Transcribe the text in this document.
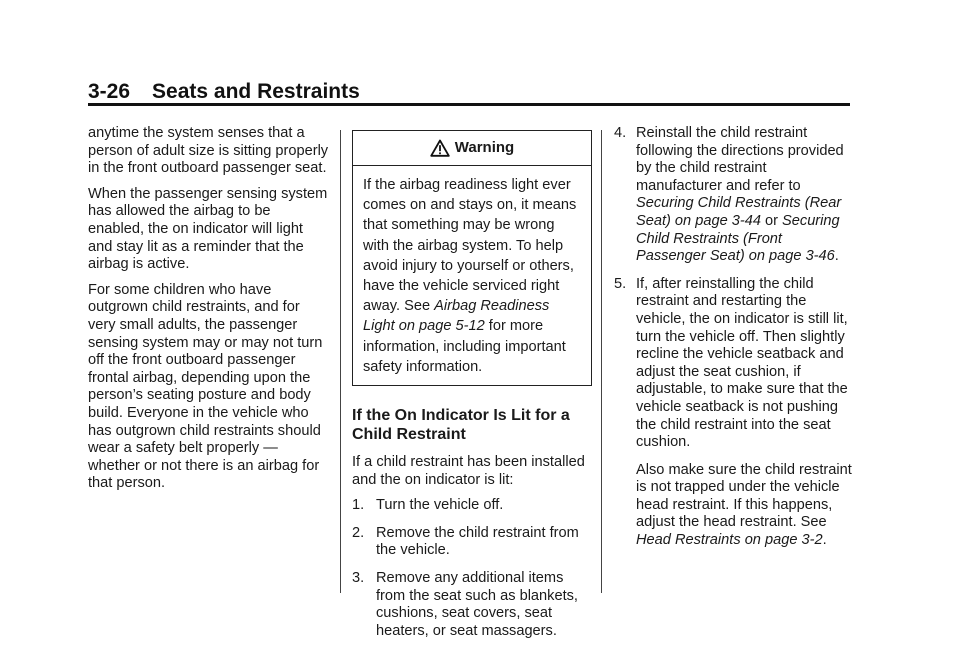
3-26 Seats and Restraints

anytime the system senses that a person of adult size is sitting properly in the front outboard passenger seat.

When the passenger sensing system has allowed the airbag to be enabled, the on indicator will light and stay lit as a reminder that the airbag is active.

For some children who have outgrown child restraints, and for very small adults, the passenger sensing system may or may not turn off the front outboard passenger frontal airbag, depending upon the person’s seating posture and body build. Everyone in the vehicle who has outgrown child restraints should wear a safety belt properly — whether or not there is an airbag for that person.

Warning
If the airbag readiness light ever comes on and stays on, it means that something may be wrong with the airbag system. To help avoid injury to yourself or others, have the vehicle serviced right away. See Airbag Readiness Light on page 5-12 for more information, including important safety information.
If the On Indicator Is Lit for a Child Restraint

If a child restraint has been installed and the on indicator is lit:

1. Turn the vehicle off.

2. Remove the child restraint from the vehicle.

3. Remove any additional items from the seat such as blankets, cushions, seat covers, seat heaters, or seat massagers.

4. Reinstall the child restraint following the directions provided by the child restraint manufacturer and refer to Securing Child Restraints (Rear Seat) on page 3-44 or Securing Child Restraints (Front Passenger Seat) on page 3-46.

5. If, after reinstalling the child restraint and restarting the vehicle, the on indicator is still lit, turn the vehicle off. Then slightly recline the vehicle seatback and adjust the seat cushion, if adjustable, to make sure that the vehicle seatback is not pushing the child restraint into the seat cushion.

Also make sure the child restraint is not trapped under the vehicle head restraint. If this happens, adjust the head restraint. See Head Restraints on page 3-2.
